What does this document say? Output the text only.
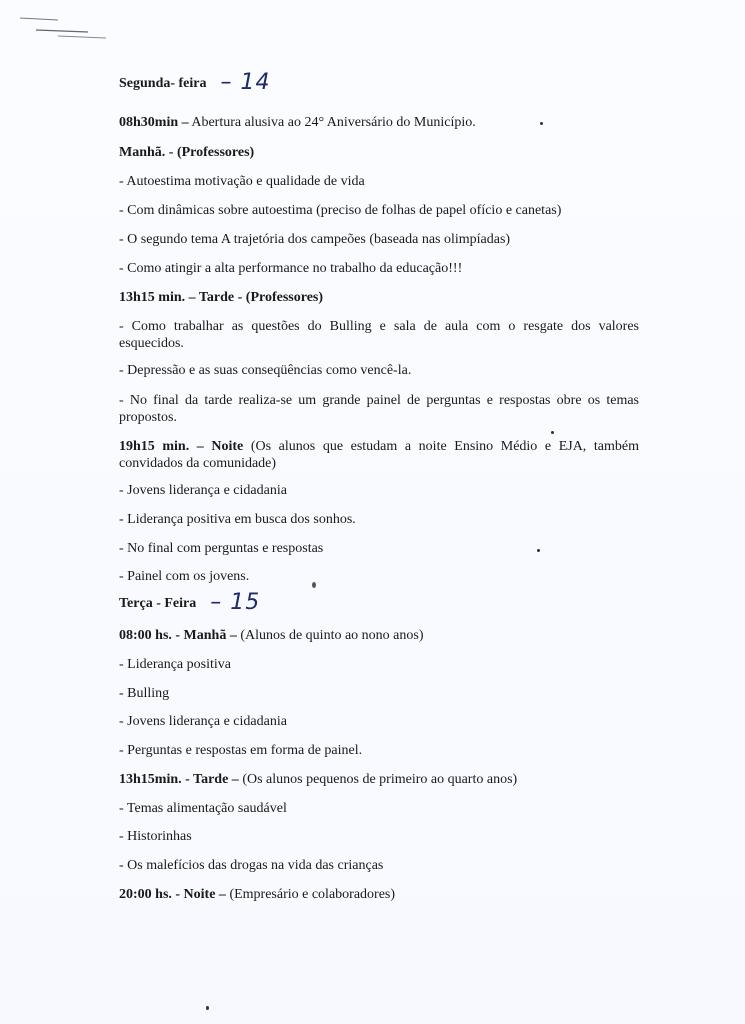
Segunda- feira – 14

08h30min – Abertura alusiva ao 24° Aniversário do Município.

Manhã. - (Professores)

- Autoestima motivação e qualidade de vida

- Com dinâmicas sobre autoestima (preciso de folhas de papel ofício e canetas)

- O segundo tema A trajetória dos campeões (baseada nas olimpíadas)

- Como atingir a alta performance no trabalho da educação!!!

13h15 min. – Tarde - (Professores)

- Como trabalhar as questões do Bulling e sala de aula com o resgate dos valores esquecidos.

- Depressão e as suas conseqüências como vencê-la.

- No final da tarde realiza-se um grande painel de perguntas e respostas obre os temas propostos.

19h15 min. – Noite (Os alunos que estudam a noite Ensino Médio e EJA, também convidados da comunidade)

- Jovens liderança e cidadania

- Liderança positiva em busca dos sonhos.

- No final com perguntas e respostas

- Painel com os jovens.

Terça - Feira – 15

08:00 hs. - Manhã – (Alunos de quinto ao nono anos)

- Liderança positiva

- Bulling

- Jovens liderança e cidadania

- Perguntas e respostas em forma de painel.

13h15min. - Tarde – (Os alunos pequenos de primeiro ao quarto anos)

- Temas alimentação saudável

- Historinhas

- Os malefícios das drogas na vida das crianças

20:00 hs. - Noite – (Empresário e colaboradores)
